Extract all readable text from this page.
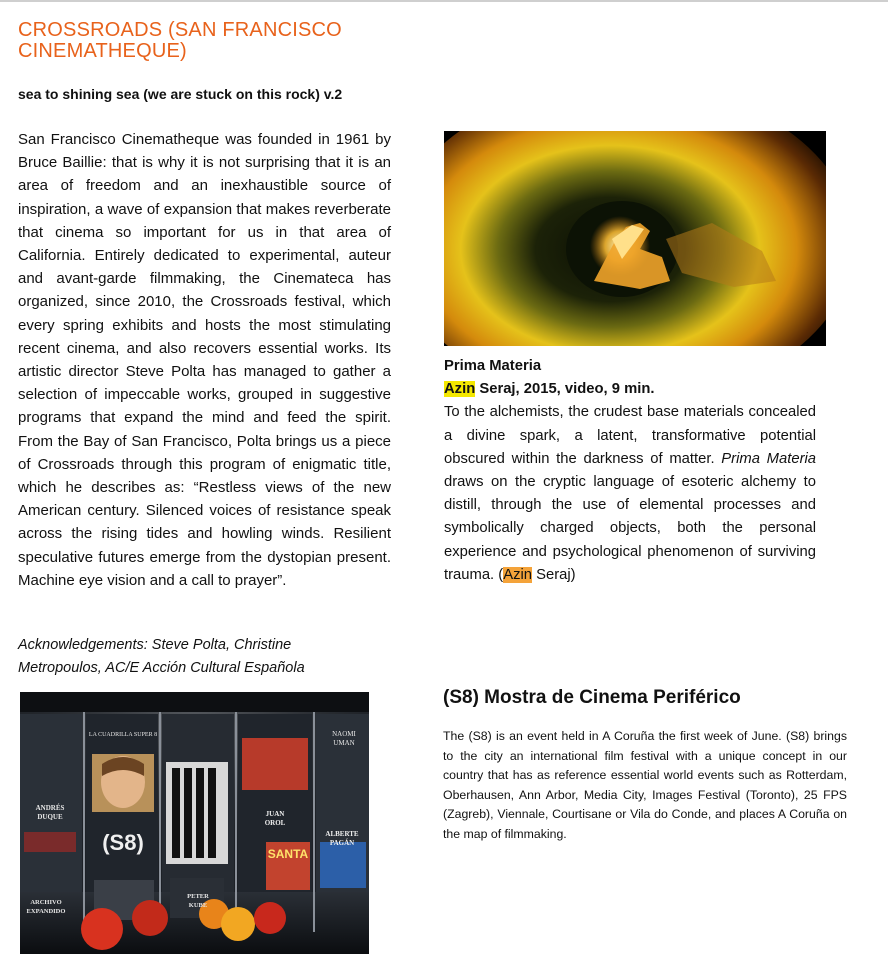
CROSSROADS (SAN FRANCISCO CINEMATHEQUE)
sea to shining sea (we are stuck on this rock) v.2

San Francisco Cinematheque was founded in 1961 by Bruce Baillie: that is why it is not surprising that it is an area of freedom and an inexhaustible source of inspiration, a wave of expansion that makes reverberate that cinema so important for us in that area of California. Entirely dedicated to experimental, auteur and avant-garde filmmaking, the Cinemateca has organized, since 2010, the Crossroads festival, which every spring exhibits and hosts the most stimulating recent cinema, and also recovers essential works. Its artistic director Steve Polta has managed to gather a selection of impeccable works, grouped in suggestive programs that expand the mind and feed the spirit. From the Bay of San Francisco, Polta brings us a piece of Crossroads through this program of enigmatic title, which he describes as: “Restless views of the new American century. Silenced voices of resistance speak across the rising tides and howling winds. Resilient speculative futures emerge from the dystopian present. Machine eye vision and a call to prayer”.

Acknowledgements: Steve Polta, Christine
Metropoulos, AC/E Acción Cultural Española

Prima Materia

Azin Seraj, 2015, video, 9 min.

To the alchemists, the crudest base materials concealed a divine spark, a latent, transformative potential obscured within the darkness of matter. Prima Materia draws on the cryptic language of esoteric alchemy to distill, through the use of elemental processes and symbolically charged objects, both the personal experience and psychological phenomenon of surviving trauma. (Azin Seraj)

(S8) Mostra de Cinema Periférico

The (S8) is an event held in A Coruña the first week of June. (S8) brings to the city an international film festival with a unique concept in our country that has as reference essential world events such as Rotterdam, Oberhausen, Ann Arbor, Media City, Images Festival (Toronto), 25 FPS (Zagreb), Viennale, Courtisane or Vila do Conde, and places A Coruña on the map of filmmaking.

LA CUADRILLA SUPER 8	NAOMI
UMAN
ANDRÉS
DUQUE
(S8)
JUAN
OROL
ALBERTE
PAGÁN
SANTA
ARCHIVO
EXPANDIDO
PETER
KUBE
